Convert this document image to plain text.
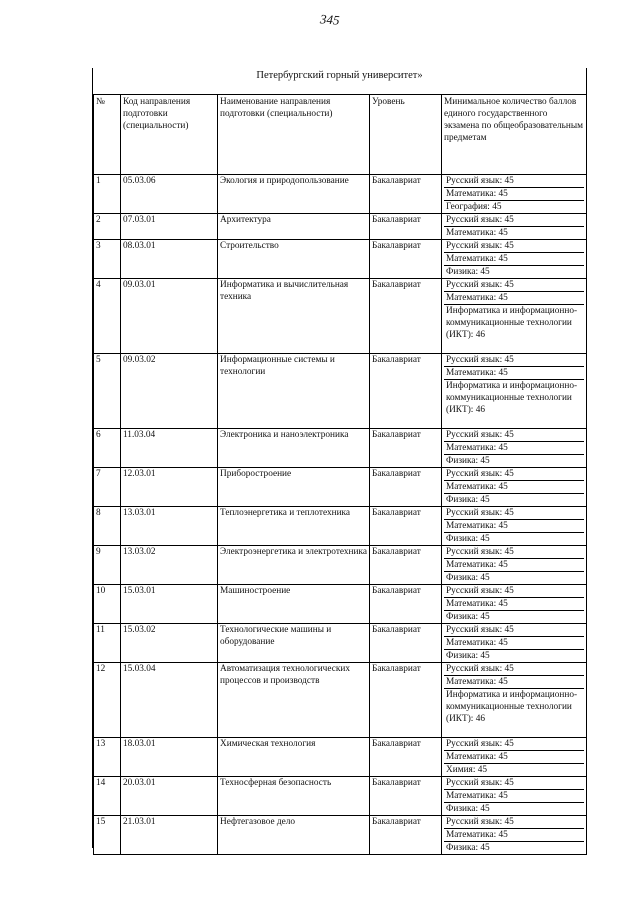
345
Петербургский горный университет»
№	Код направления подготовки (специальности)	Наименование направления подготовки (специальности)	Уровень	Минимальное количество баллов единого государственного экзамена по общеобразовательным предметам
1	05.03.06	Экология и природопользование	Бакалавриат	Русский язык: 45
Математика: 45
География: 45

2	07.03.01	Архитектура	Бакалавриат	Русский язык: 45
Математика: 45

3	08.03.01	Строительство	Бакалавриат	Русский язык: 45
Математика: 45
Физика: 45

4	09.03.01	Информатика и вычислительная техника	Бакалавриат	Русский язык: 45
Математика: 45
Информатика и информационно-коммуникационные технологии (ИКТ): 46

5	09.03.02	Информационные системы и технологии	Бакалавриат	Русский язык: 45
Математика: 45
Информатика и информационно-коммуникационные технологии (ИКТ): 46

6	11.03.04	Электроника и наноэлектроника	Бакалавриат	Русский язык: 45
Математика: 45
Физика: 45

7	12.03.01	Приборостроение	Бакалавриат	Русский язык: 45
Математика: 45
Физика: 45

8	13.03.01	Теплоэнергетика и теплотехника	Бакалавриат	Русский язык: 45
Математика: 45
Физика: 45

9	13.03.02	Электроэнергетика и электротехника	Бакалавриат	Русский язык: 45
Математика: 45
Физика: 45

10	15.03.01	Машиностроение	Бакалавриат	Русский язык: 45
Математика: 45
Физика: 45

11	15.03.02	Технологические машины и оборудование	Бакалавриат	Русский язык: 45
Математика: 45
Физика: 45

12	15.03.04	Автоматизация технологических процессов и производств	Бакалавриат	Русский язык: 45
Математика: 45
Информатика и информационно-коммуникационные технологии (ИКТ): 46

13	18.03.01	Химическая технология	Бакалавриат	Русский язык: 45
Математика: 45
Химия: 45

14	20.03.01	Техносферная безопасность	Бакалавриат	Русский язык: 45
Математика: 45
Физика: 45

15	21.03.01	Нефтегазовое дело	Бакалавриат	Русский язык: 45
Математика: 45
Физика: 45
